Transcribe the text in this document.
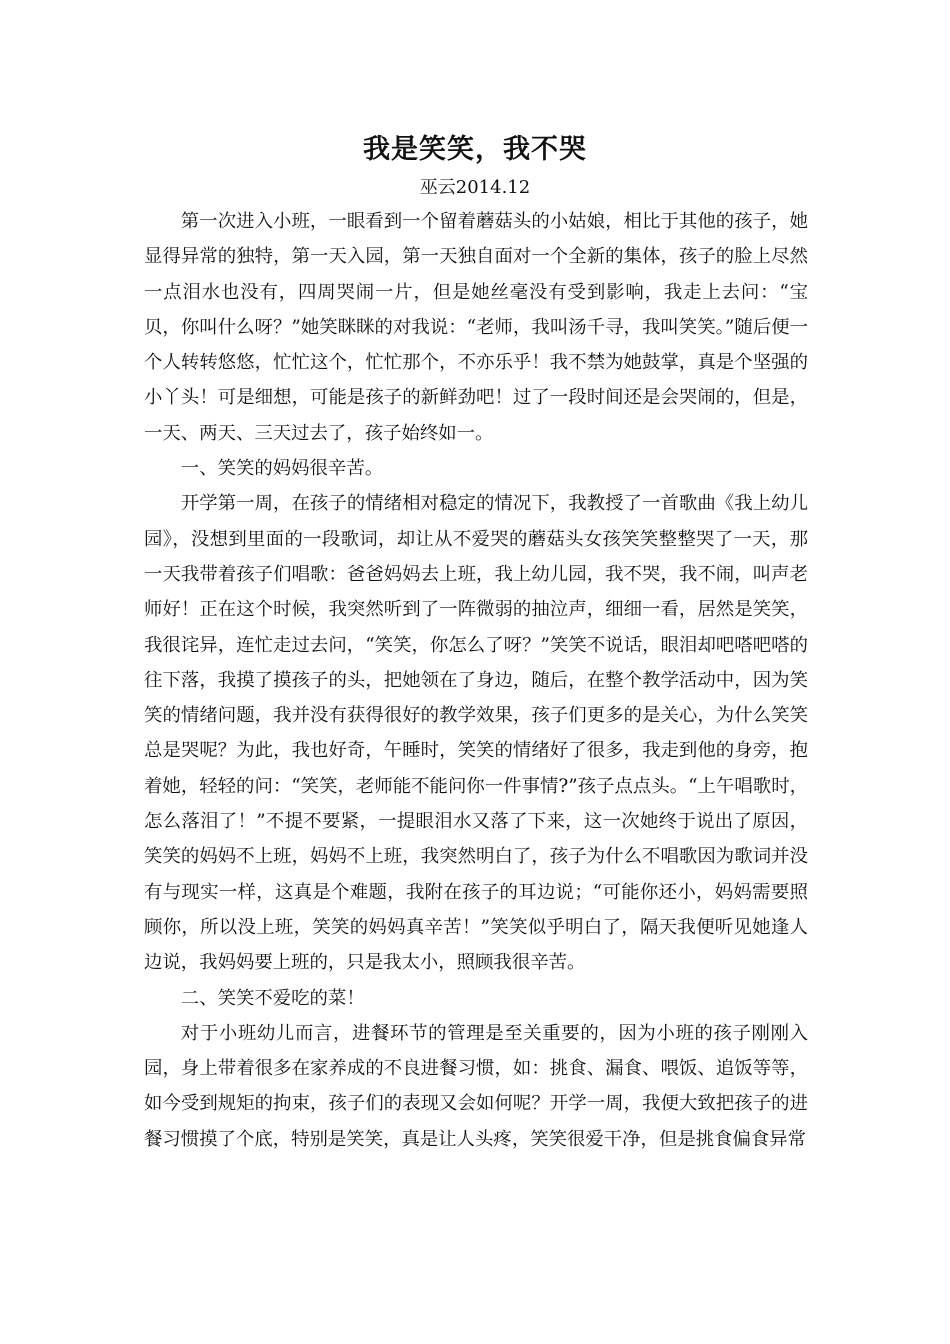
我是笑笑，我不哭
巫云2014.12

第一次进入小班，一眼看到一个留着蘑菇头的小姑娘，相比于其他的孩子，她显得异常的独特，第一天入园，第一天独自面对一个全新的集体，孩子的脸上尽然一点泪水也没有，四周哭闹一片，但是她丝毫没有受到影响，我走上去问：“宝贝，你叫什么呀？”她笑眯眯的对我说：“老师，我叫汤千寻，我叫笑笑。”随后便一个人转转悠悠，忙忙这个，忙忙那个，不亦乐乎！我不禁为她鼓掌，真是个坚强的小丫头！可是细想，可能是孩子的新鲜劲吧！过了一段时间还是会哭闹的，但是，一天、两天、三天过去了，孩子始终如一。

一、笑笑的妈妈很辛苦。

开学第一周，在孩子的情绪相对稳定的情况下，我教授了一首歌曲《我上幼儿园》，没想到里面的一段歌词，却让从不爱哭的蘑菇头女孩笑笑整整哭了一天，那一天我带着孩子们唱歌：爸爸妈妈去上班，我上幼儿园，我不哭，我不闹，叫声老师好！正在这个时候，我突然听到了一阵微弱的抽泣声，细细一看，居然是笑笑，我很诧异，连忙走过去问，“笑笑，你怎么了呀？”笑笑不说话，眼泪却吧嗒吧嗒的往下落，我摸了摸孩子的头，把她领在了身边，随后，在整个教学活动中，因为笑笑的情绪问题，我并没有获得很好的教学效果，孩子们更多的是关心，为什么笑笑总是哭呢？为此，我也好奇，午睡时，笑笑的情绪好了很多，我走到他的身旁，抱着她，轻轻的问：“笑笑，老师能不能问你一件事情?”孩子点点头。“上午唱歌时，怎么落泪了！”不提不要紧，一提眼泪水又落了下来，这一次她终于说出了原因，笑笑的妈妈不上班，妈妈不上班，我突然明白了，孩子为什么不唱歌因为歌词并没有与现实一样，这真是个难题，我附在孩子的耳边说；“可能你还小，妈妈需要照顾你，所以没上班，笑笑的妈妈真辛苦！”笑笑似乎明白了，隔天我便听见她逢人边说，我妈妈要上班的，只是我太小，照顾我很辛苦。

二、笑笑不爱吃的菜！

对于小班幼儿而言，进餐环节的管理是至关重要的，因为小班的孩子刚刚入园，身上带着很多在家养成的不良进餐习惯，如：挑食、漏食、喂饭、追饭等等，如今受到规矩的拘束，孩子们的表现又会如何呢？开学一周，我便大致把孩子的进餐习惯摸了个底，特别是笑笑，真是让人头疼，笑笑很爱干净，但是挑食偏食异常
